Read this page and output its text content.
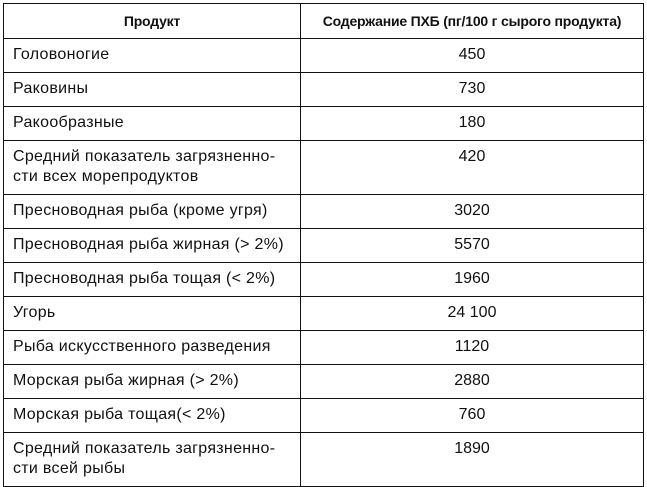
Продукт	Содержание ПХБ (пг/100 г сырого продукта)

Головоногие	450

Раковины	730

Ракообразные	180

Средний показатель загрязненно-
сти всех морепродуктов	420

Пресноводная рыба (кроме угря)	3020

Пресноводная рыба жирная (> 2%)	5570

Пресноводная рыба тощая (< 2%)	1960

Угорь	24 100

Рыба искусственного разведения	1120

Морская рыба жирная (> 2%)	2880

Морская рыба тощая(< 2%)	760

Средний показатель загрязненно-
сти всей рыбы	1890
